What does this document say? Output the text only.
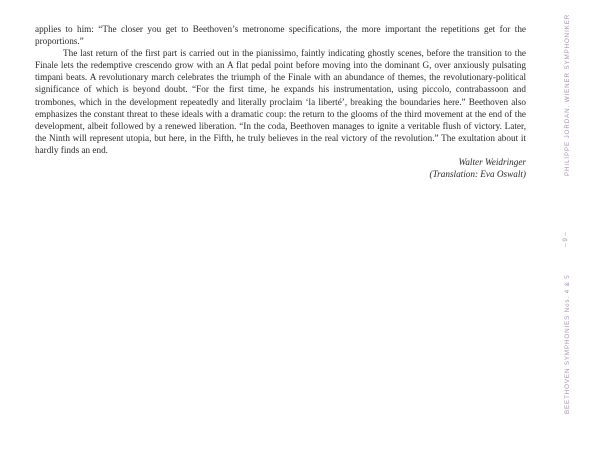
applies to him: “The closer you get to Beethoven’s metronome specifications, the more important the repetitions get for the proportions.”

The last return of the first part is carried out in the pianissimo, faintly indicating ghostly scenes, before the transition to the Finale lets the redemptive crescendo grow with an A flat pedal point before moving into the dominant G, over anxiously pulsating timpani beats. A revolutionary march celebrates the triumph of the Finale with an abundance of themes, the revolutionary-political significance of which is beyond doubt. “For the first time, he expands his instrumentation, using piccolo, contrabassoon and trombones, which in the development repeatedly and literally proclaim ‘la liberté’, breaking the boundaries here.” Beethoven also emphasizes the constant threat to these ideals with a dramatic coup: the return to the glooms of the third movement at the end of the development, albeit followed by a renewed liberation. “In the coda, Beethoven manages to ignite a veritable flush of victory. Later, the Ninth will represent utopia, but here, in the Fifth, he truly believes in the real victory of the revolution.” The exultation about it hardly finds an end.

Walter Weidringer

(Translation: Eva Oswalt)	PHILIPPE JORDAN, WIENER SYMPHONIKER
– 9 –
BEETHOVEN SYMPHONIES Nos. 4 & 5
